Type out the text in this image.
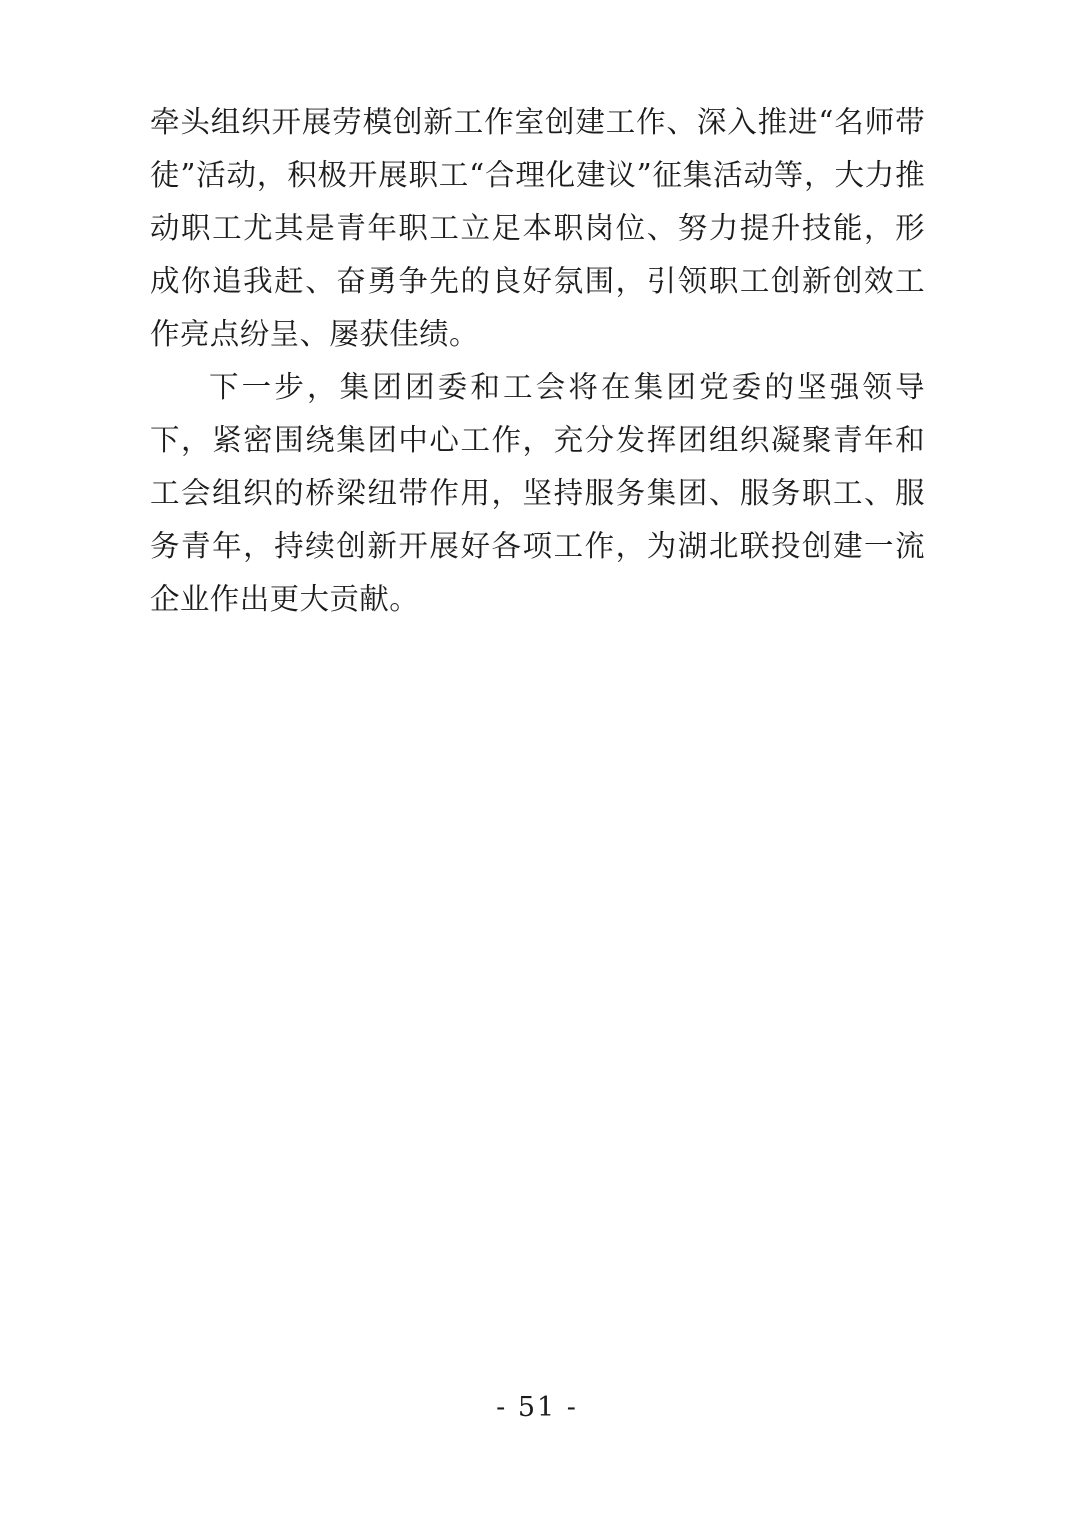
牵头组织开展劳模创新工作室创建工作、深入推进“名师带徒”活动，积极开展职工“合理化建议”征集活动等，大力推动职工尤其是青年职工立足本职岗位、努力提升技能，形成你追我赶、奋勇争先的良好氛围，引领职工创新创效工作亮点纷呈、屡获佳绩。

下一步，集团团委和工会将在集团党委的坚强领导下，紧密围绕集团中心工作，充分发挥团组织凝聚青年和工会组织的桥梁纽带作用，坚持服务集团、服务职工、服务青年，持续创新开展好各项工作，为湖北联投创建一流企业作出更大贡献。

- 51 -
